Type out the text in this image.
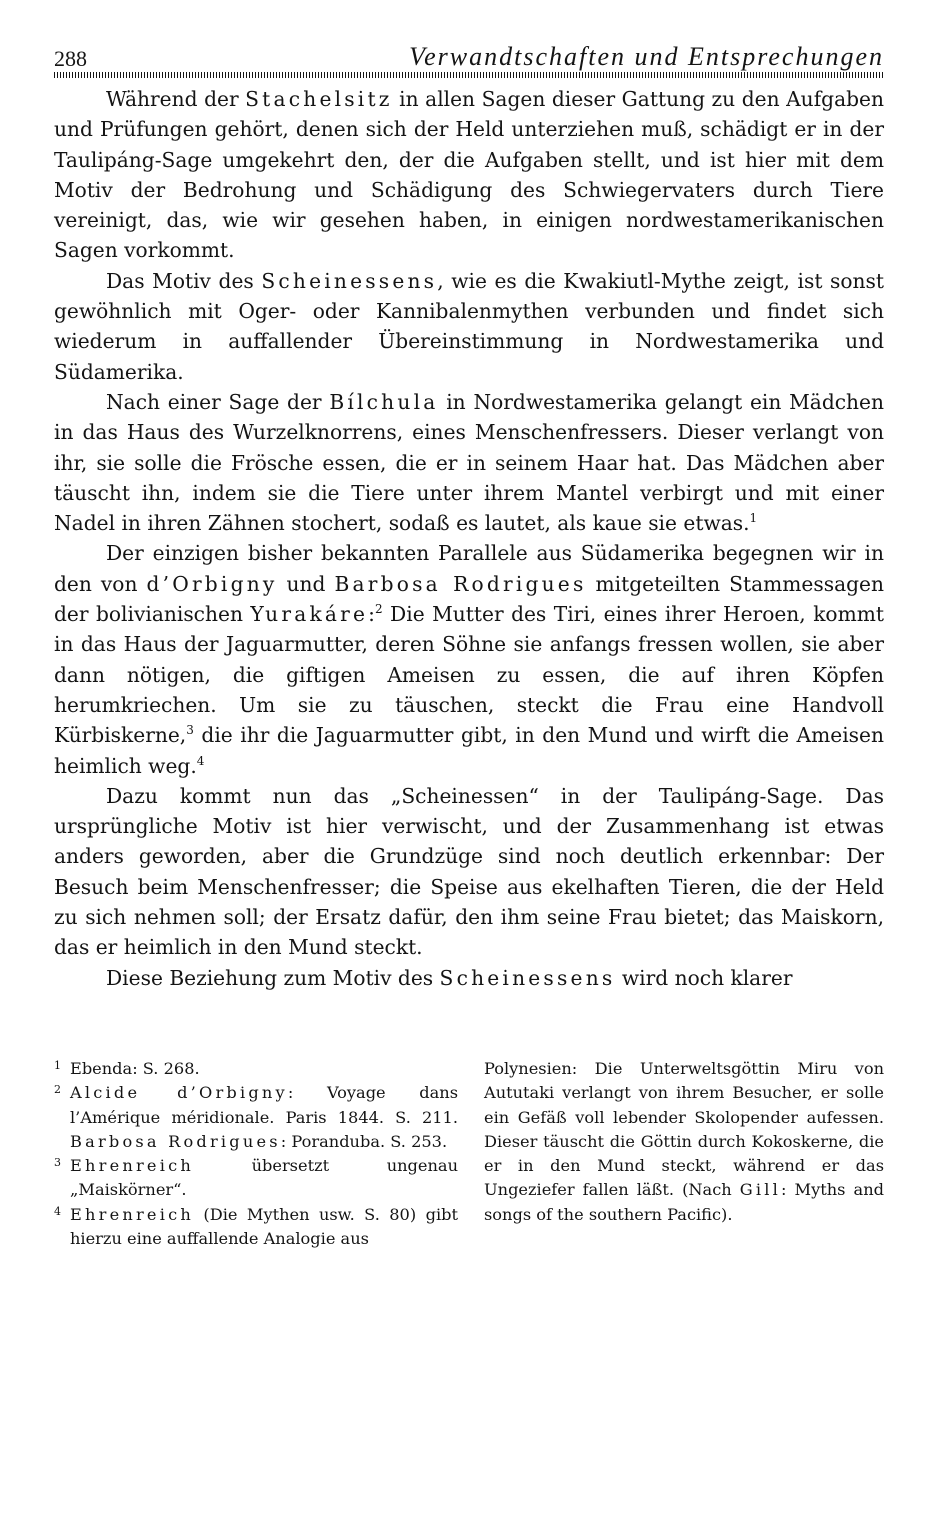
288	Verwandtschaften und Entsprechungen

Während der Stachelsitz in allen Sagen dieser Gattung zu den Aufgaben und Prüfungen gehört, denen sich der Held unterziehen muß, schädigt er in der Taulipáng-Sage umgekehrt den, der die Aufgaben stellt, und ist hier mit dem Motiv der Bedrohung und Schädigung des Schwiegervaters durch Tiere vereinigt, das, wie wir gesehen haben, in einigen nordwestamerikanischen Sagen vorkommt.

Das Motiv des Scheinessens, wie es die Kwakiutl-Mythe zeigt, ist sonst gewöhnlich mit Oger- oder Kannibalenmythen verbunden und findet sich wiederum in auffallender Übereinstimmung in Nordwestamerika und Südamerika.

Nach einer Sage der Bílchula in Nordwestamerika gelangt ein Mädchen in das Haus des Wurzelknorrens, eines Menschenfressers. Dieser verlangt von ihr, sie solle die Frösche essen, die er in seinem Haar hat. Das Mädchen aber täuscht ihn, indem sie die Tiere unter ihrem Mantel verbirgt und mit einer Nadel in ihren Zähnen stochert, sodaß es lautet, als kaue sie etwas.$^1$

Der einzigen bisher bekannten Parallele aus Südamerika begegnen wir in den von d’Orbigny und Barbosa Rodrigues mitgeteilten Stammessagen der bolivianischen Yurakáre:$^2$ Die Mutter des Tiri, eines ihrer Heroen, kommt in das Haus der Jaguarmutter, deren Söhne sie anfangs fressen wollen, sie aber dann nötigen, die giftigen Ameisen zu essen, die auf ihren Köpfen herumkriechen. Um sie zu täuschen, steckt die Frau eine Handvoll Kürbiskerne,$^3$ die ihr die Jaguarmutter gibt, in den Mund und wirft die Ameisen heimlich weg.$^4$

Dazu kommt nun das „Scheinessen“ in der Taulipáng-Sage. Das ursprüngliche Motiv ist hier verwischt, und der Zusammenhang ist etwas anders geworden, aber die Grundzüge sind noch deutlich erkennbar: Der Besuch beim Menschenfresser; die Speise aus ekelhaften Tieren, die der Held zu sich nehmen soll; der Ersatz dafür, den ihm seine Frau bietet; das Maiskorn, das er heimlich in den Mund steckt.

Diese Beziehung zum Motiv des Scheinessens wird noch klarer

1 Ebenda: S. 268.
2 Alcide d’Orbigny: Voyage dans l’Amérique méridionale. Paris 1844. S. 211. Barbosa Rodrigues: Poranduba. S. 253.
3 Ehrenreich übersetzt ungenau „Maiskörner“.
4 Ehrenreich (Die Mythen usw. S. 80) gibt hierzu eine auffallende Analogie aus
Polynesien: Die Unterweltsgöttin Miru von Aututaki verlangt von ihrem Besucher, er solle ein Gefäß voll lebender Skolopender aufessen. Dieser täuscht die Göttin durch Kokoskerne, die er in den Mund steckt, während er das Ungeziefer fallen läßt. (Nach Gill: Myths and songs of the southern Pacific).
